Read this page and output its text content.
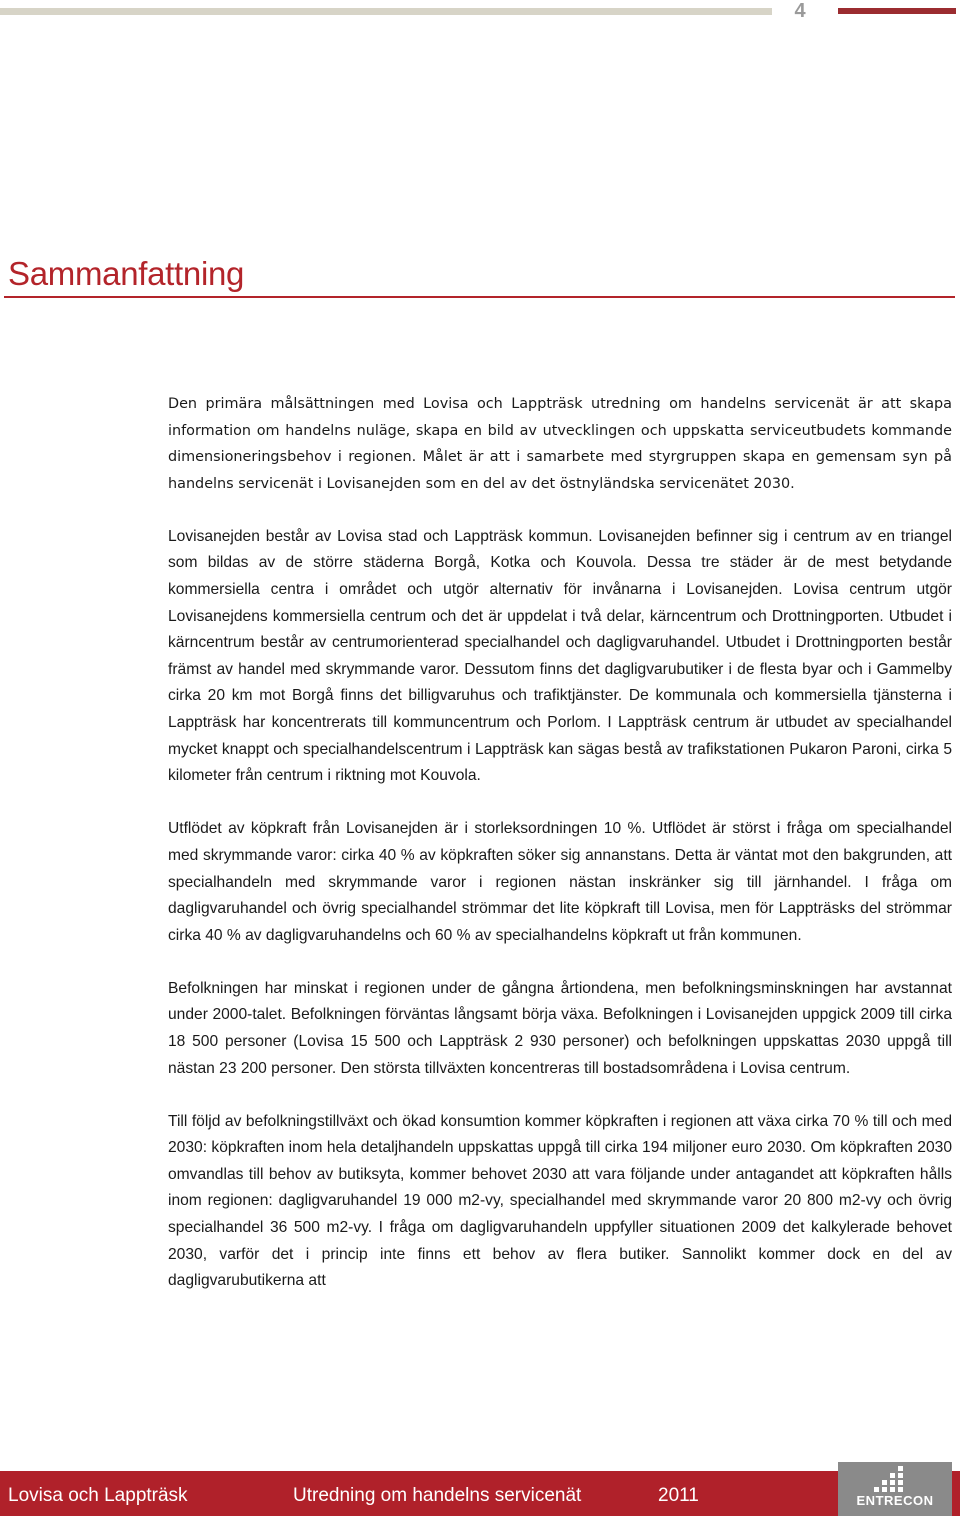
4
Sammanfattning

Den primära målsättningen med Lovisa och Lappträsk utredning om handelns servicenät är att skapa information om handelns nuläge, skapa en bild av utvecklingen och uppskatta serviceutbudets kommande dimensioneringsbehov i regionen. Målet är att i samarbete med styrgruppen skapa en gemensam syn på handelns servicenät i Lovisanejden som en del av det östnyländska servicenätet 2030.

Lovisanejden består av Lovisa stad och Lappträsk kommun. Lovisanejden befinner sig i centrum av en triangel som bildas av de större städerna Borgå, Kotka och Kouvola. Dessa tre städer är de mest betydande kommersiella centra i området och utgör alternativ för invånarna i Lovisanejden. Lovisa centrum utgör Lovisanejdens kommersiella centrum och det är uppdelat i två delar, kärncentrum och Drottningporten. Utbudet i kärncentrum består av centrumorienterad specialhandel och dagligvaruhandel. Utbudet i Drottningporten består främst av handel med skrymmande varor. Dessutom finns det dagligvarubutiker i de flesta byar och i Gammelby cirka 20 km mot Borgå finns det billigvaruhus och trafiktjänster. De kommunala och kommersiella tjänsterna i Lappträsk har koncentrerats till kommuncentrum och Porlom. I Lappträsk centrum är utbudet av specialhandel mycket knappt och specialhandelscentrum i Lappträsk kan sägas bestå av trafikstationen Pukaron Paroni, cirka 5 kilometer från centrum i riktning mot Kouvola.

Utflödet av köpkraft från Lovisanejden är i storleksordningen 10 %. Utflödet är störst i fråga om specialhandel med skrymmande varor: cirka 40 % av köpkraften söker sig annanstans. Detta är väntat mot den bakgrunden, att specialhandeln med skrymmande varor i regionen nästan inskränker sig till järnhandel. I fråga om dagligvaruhandel och övrig specialhandel strömmar det lite köpkraft till Lovisa, men för Lappträsks del strömmar cirka 40 % av dagligvaruhandelns och 60 % av specialhandelns köpkraft ut från kommunen.

Befolkningen har minskat i regionen under de gångna årtiondena, men befolkningsminskningen har avstannat under 2000-talet. Befolkningen förväntas långsamt börja växa. Befolkningen i Lovisanejden uppgick 2009 till cirka 18 500 personer (Lovisa 15 500 och Lappträsk 2 930 personer) och befolkningen uppskattas 2030 uppgå till nästan 23 200 personer. Den största tillväxten koncentreras till bostadsområdena i Lovisa centrum.

Till följd av befolkningstillväxt och ökad konsumtion kommer köpkraften i regionen att växa cirka 70 % till och med 2030: köpkraften inom hela detaljhandeln uppskattas uppgå till cirka 194 miljoner euro 2030. Om köpkraften 2030 omvandlas till behov av butiksyta, kommer behovet 2030 att vara följande under antagandet att köpkraften hålls inom regionen: dagligvaruhandel 19 000 m2-vy, specialhandel med skrymmande varor 20 800 m2-vy och övrig specialhandel 36 500 m2-vy. I fråga om dagligvaruhandeln uppfyller situationen 2009 det kalkylerade behovet 2030, varför det i princip inte finns ett behov av flera butiker. Sannolikt kommer dock en del av dagligvarubutikerna att

Lovisa och Lappträsk	Utredning om handelns servicenät	2011	ENTRECON
